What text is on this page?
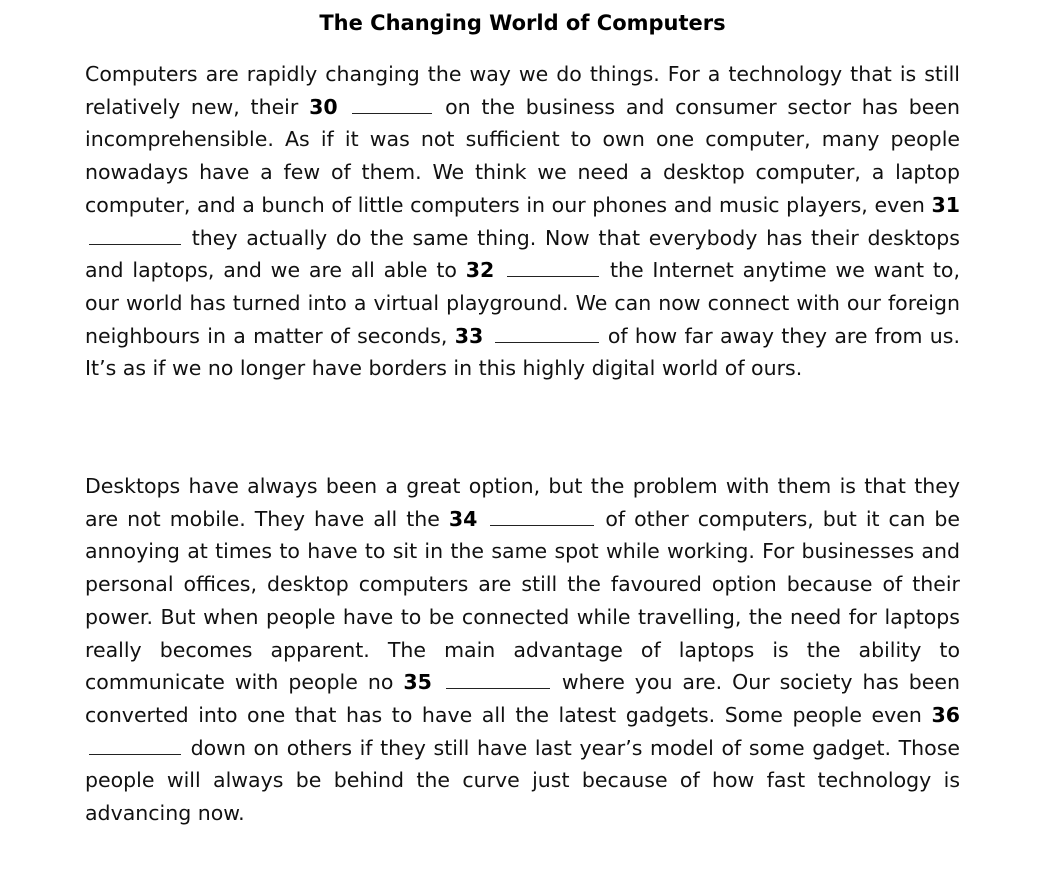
The Changing World of Computers

Computers are rapidly changing the way we do things. For a technology that is still relatively new, their 30	on the business and consumer sector has been incomprehensible. As if it was not sufficient to own one computer, many people nowadays have a few of them. We think we need a desktop computer, a laptop computer, and a bunch of little computers in our phones and music players, even 31  they actually do the same thing. Now that everybody has their desktops and laptops, and we are all able to 32	the Internet anytime we want to, our world has turned into a virtual playground. We can now connect with our foreign neighbours in a matter of seconds, 33	of how far away they are from us. It’s as if we no longer have borders in this highly digital world of ours.

Desktops have always been a great option, but the problem with them is that they are not mobile. They have all the 34	of other computers, but it can be annoying at times to have to sit in the same spot while working. For businesses and personal offices, desktop computers are still the favoured option because of their power. But when people have to be connected while travelling, the need for laptops really becomes apparent. The main advantage of laptops is the ability to communicate with people no 35	where you are. Our society has been converted into one that has to have all the latest gadgets. Some people even 36  down on others if they still have last year’s model of some gadget. Those people will always be behind the curve just because of how fast technology is advancing now.
